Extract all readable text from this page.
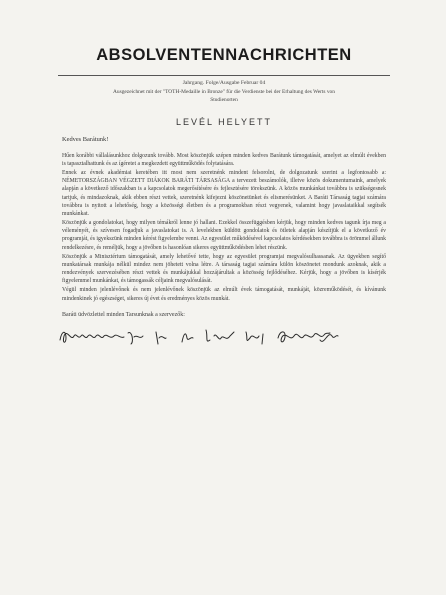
ABSOLVENTENNACHRICHTEN
Jahrgang. Folge/Ausgabe Februar 04
Ausgezeichnet mit der "TOTH-Medaille in Bronze" für die Verdienste bei der Erhaltung des Werts von
Studienorten
LEVÉL HELYETT
Kedves Barátunk!

Hűen korábbi vállalásunkhoz dolgozunk tovább. Most köszönjük szépen minden kedves Barátunk támogatását, amelyet az elmúlt években is tapasztalhattunk és az ígéretet a megkezdett együttműködés folytatására.

Ennek az évnek akadémiai keretében itt most nem szeretnénk mindent felsorolni, de dolgozatunk szerint a legfontosabb a: NÉMETORSZÁGBAN VÉGZETT DIÁKOK BARÁTI TÁRSASÁGA a tervezett beszámolók, illetve közös dokumentumaink, amelyek alapján a következő időszakban is a kapcsolatok megerősítésére és fejlesztésére törekszünk. A közös munkánkat továbbra is szükségesnek tartjuk, és mindazoknak, akik ebben részt vettek, szeretnénk kifejezni köszönetünket és elismerésünket. A Baráti Társaság tagjai számára továbbra is nyitott a lehetőség, hogy a közösségi életben és a programokban részt vegyenek, valamint hogy javaslataikkal segítsék munkánkat.

Köszönjük a gondolatokat, hogy milyen témákról lenne jó hallani. Ezekkel összefüggésben kérjük, hogy minden kedves tagunk írja meg a véleményét, és szívesen fogadjuk a javaslatokat is. A levelekben küldött gondolatok és ötletek alapján készítjük el a következő év programját, és igyekszünk minden kérést figyelembe venni. Az egyesület működésével kapcsolatos kérdésekben továbbra is örömmel állunk rendelkezésre, és reméljük, hogy a jövőben is hasonlóan sikeres együttműködésben lehet részünk.

Köszönjük a Minisztérium támogatását, amely lehetővé tette, hogy az egyesület programjai megvalósulhassanak. Az ügyekben segítő munkatársak munkája nélkül mindez nem jöhetett volna létre. A társaság tagjai számára külön köszönetet mondunk azoknak, akik a rendezvények szervezésében részt vettek és munkájukkal hozzájárultak a közösség fejlődéséhez. Kérjük, hogy a jövőben is kísérjék figyelemmel munkánkat, és támogassák céljaink megvalósulását.

Végül minden jelenlévőnek és nem jelenlévőnek köszönjük az elmúlt évek támogatását, munkáját, közreműködését, és kívánunk mindenkinek jó egészséget, sikeres új évet és eredményes közös munkát.

Baráti üdvözlettel minden Tarsunknak a szervezők:
